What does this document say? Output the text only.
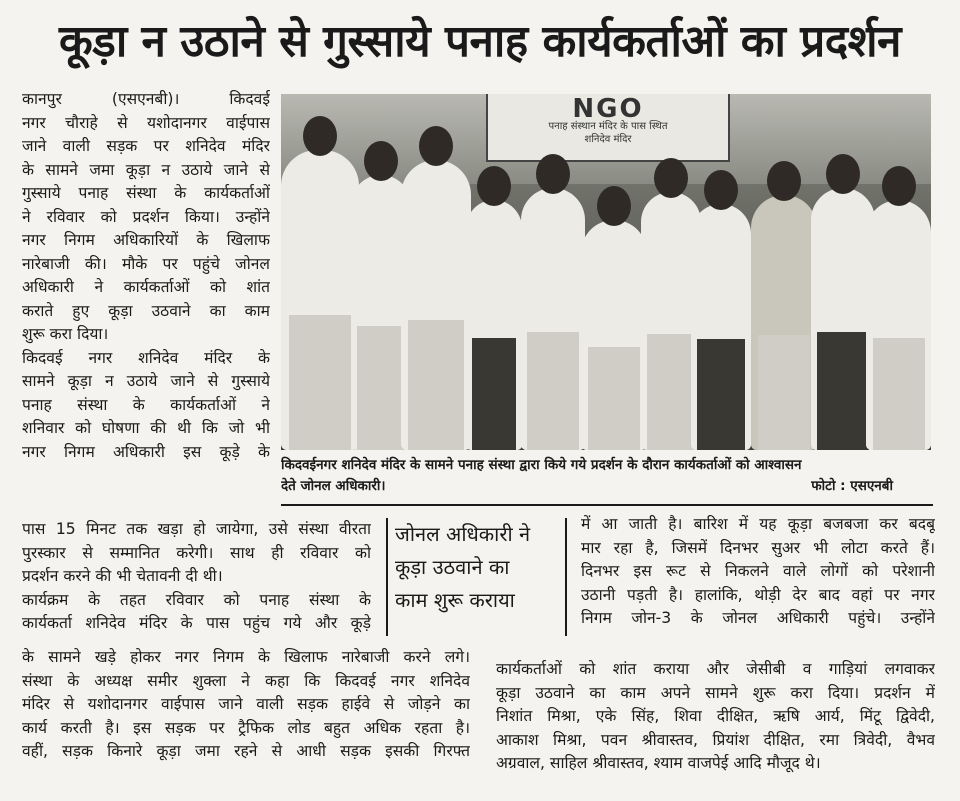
कूड़ा न उठाने से गुस्साये पनाह कार्यकर्ताओं का प्रदर्शन

कानपुर (एसएनबी)। किदवई

नगर चौराहे से यशोदानगर वाईपास

जाने वाली सड़क पर शनिदेव मंदिर

के सामने जमा कूड़ा न उठाये जाने से

गुस्साये पनाह संस्था के कार्यकर्ताओं

ने रविवार को प्रदर्शन किया। उन्होंने

नगर निगम अधिकारियों के खिलाफ

नारेबाजी की। मौके पर पहुंचे जोनल

अधिकारी ने कार्यकर्ताओं को शांत

कराते हुए कूड़ा उठवाने का काम

शुरू करा दिया।

किदवई नगर शनिदेव मंदिर के

सामने कूड़ा न उठाये जाने से गुस्साये

पनाह संस्था के कार्यकर्ताओं ने

शनिवार को घोषणा की थी कि जो भी

नगर निगम अधिकारी इस कूड़े के

NGO
पनाह संस्थान मंदिर के पास स्थित
शनिदेव मंदिर

किदवईनगर शनिदेव मंदिर के सामने पनाह संस्था द्वारा किये गये प्रदर्शन के दौरान कार्यकर्ताओं को आश्वासन

देते जोनल अधिकारी।	फोटो : एसएनबी

पास 15 मिनट तक खड़ा हो जायेगा, उसे संस्था वीरता

पुरस्कार से सम्मानित करेगी। साथ ही रविवार को

प्रदर्शन करने की भी चेतावनी दी थी।

कार्यक्रम के तहत रविवार को पनाह संस्था के

कार्यकर्ता शनिदेव मंदिर के पास पहुंच गये और कूड़े

जोनल अधिकारी ने

कूड़ा उठवाने का

काम शुरू कराया

में आ जाती है। बारिश में यह कूड़ा बजबजा कर बदबू

मार रहा है, जिसमें दिनभर सुअर भी लोटा करते हैं।

दिनभर इस रूट से निकलने वाले लोगों को परेशानी

उठानी पड़ती है। हालांकि, थोड़ी देर बाद वहां पर नगर

निगम जोन-3 के जोनल अधिकारी पहुंचे। उन्होंने

के सामने खड़े होकर नगर निगम के खिलाफ नारेबाजी करने लगे।

संस्था के अध्यक्ष समीर शुक्ला ने कहा कि किदवई नगर शनिदेव

मंदिर से यशोदानगर वाईपास जाने वाली सड़क हाईवे से जोड़ने का

कार्य करती है। इस सड़क पर ट्रैफिक लोड बहुत अधिक रहता है।

वहीं, सड़क किनारे कूड़ा जमा रहने से आधी सड़क इसकी गिरफ्त

कार्यकर्ताओं को शांत कराया और जेसीबी व गाड़ियां लगवाकर

कूड़ा उठवाने का काम अपने सामने शुरू करा दिया। प्रदर्शन में

निशांत मिश्रा, एके सिंह, शिवा दीक्षित, ऋषि आर्य, मिंटू द्विवेदी,

आकाश मिश्रा, पवन श्रीवास्तव, प्रियांश दीक्षित, रमा त्रिवेदी, वैभव

अग्रवाल, साहिल श्रीवास्तव, श्याम वाजपेई आदि मौजूद थे।
